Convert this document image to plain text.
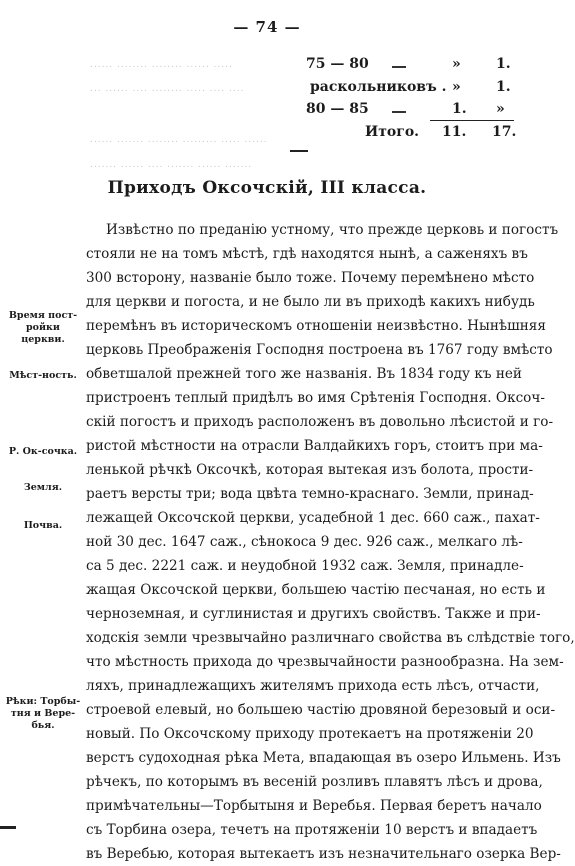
— 74 —
...... ........ ........ ...... .....
... ...... .... ........ ..... .... ....
...... ....... ........ ......... ..... ......
....... ...... .... ....... ...... .......
75 — 80	»	1.
раскольниковъ . »	1.
80 — 85	1. »
Итого. 11. 17.
Приходъ Оксочскій, III класса.
Извѣстно по преданію устному, что прежде церковь и погостъ
стояли не на томъ мѣстѣ, гдѣ находятся нынѣ, а саженяхъ въ
300 всторону, названіе было тоже. Почему перемѣнено мѣсто
для церкви и погоста, и не было ли въ приходѣ какихъ нибудь
перемѣнъ въ историческомъ отношеніи неизвѣстно. Нынѣшняя
церковь Преображенія Господня построена въ 1767 году вмѣсто
обветшалой прежней того же названія. Въ 1834 году къ ней
пристроенъ теплый придѣлъ во имя Срѣтенія Господня. Оксоч-
скій погостъ и приходъ расположенъ въ довольно лѣсистой и го-
ристой мѣстности на отрасли Валдайкихъ горъ, стоитъ при ма-
ленькой рѣчкѣ Оксочкѣ, которая вытекая изъ болота, прости-
раетъ версты три; вода цвѣта темно-краснаго. Земли, принад-
лежащей Оксочской церкви, усадебной 1 дес. 660 саж., пахат-
ной 30 дес. 1647 саж., сѣнокоса 9 дес. 926 саж., мелкаго лѣ-
са 5 дес. 2221 саж. и неудобной 1932 саж. Земля, принадле-
жащая Оксочской церкви, большею частію песчаная, но есть и
черноземная, и суглинистая и другихъ свойствъ. Также и при-
ходскія земли чрезвычайно различнаго свойства въ слѣдствіе того,
что мѣстность прихода до чрезвычайности разнообразна. На зем-
ляхъ, принадлежащихъ жителямъ прихода есть лѣсъ, отчасти,
строевой елевый, но большею частію дровяной березовый и оси-
новый. По Оксочскому приходу протекаетъ на протяженіи 20
верстъ судоходная рѣка Мета, впадающая въ озеро Ильмень. Изъ
рѣчекъ, по которымъ въ весеній розливъ плавятъ лѣсъ и дрова,
примѣчательны—Торбытыня и Веребья. Первая беретъ начало
съ Торбина озера, течетъ на протяженіи 10 верстъ и впадаетъ
въ Веребью, которая вытекаетъ изъ незначительнаго озерка Вер-
Время пост-ройки церкви.
Мѣст-ность.
Р. Ок-сочка.
Земля.
Почва.
Рѣки: Торбы-тня и Вере-бья.
